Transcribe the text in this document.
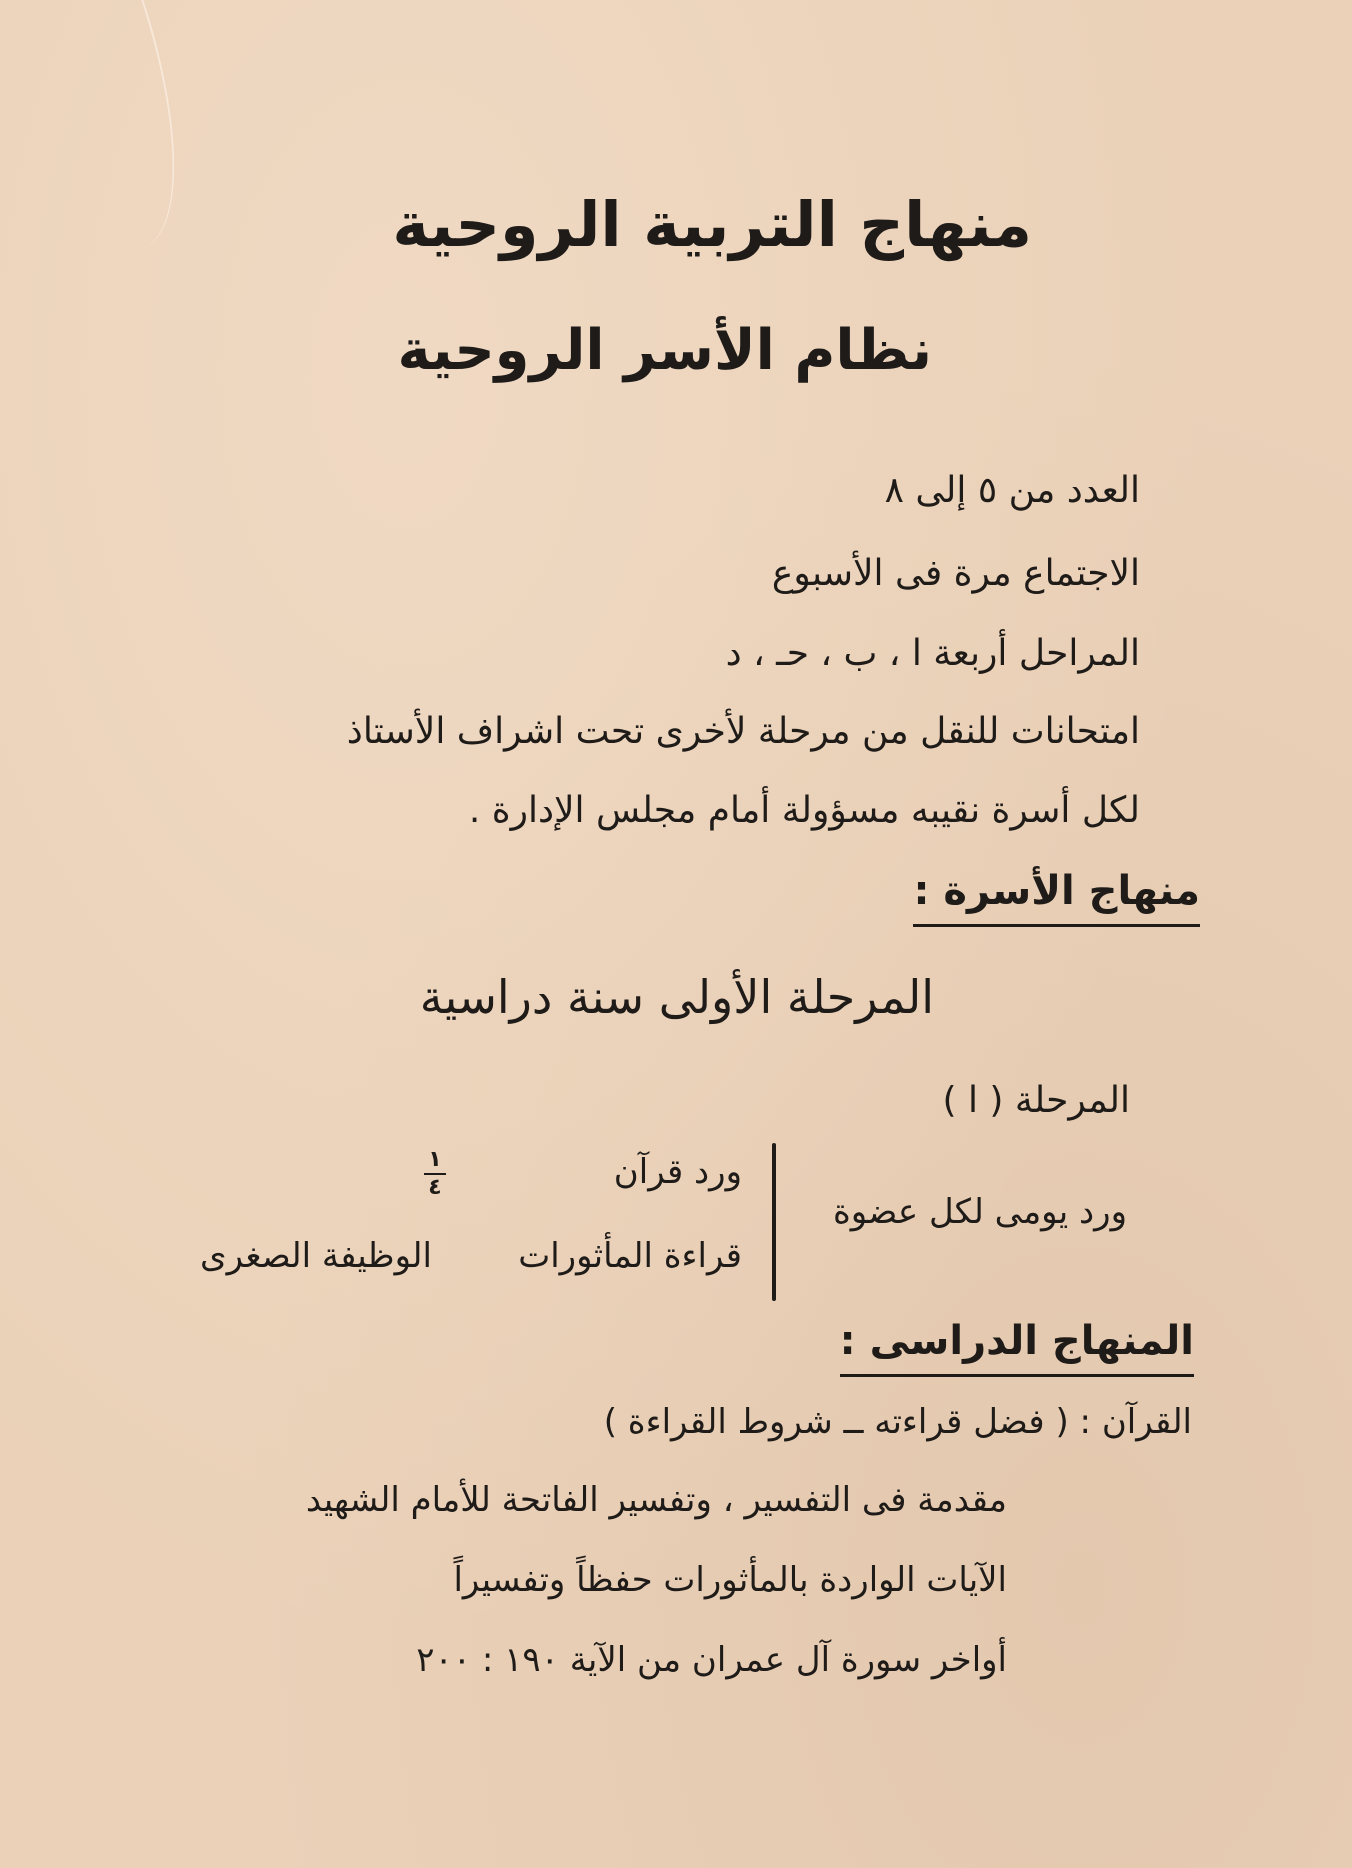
منهاج التربية الروحية
نظام الأسر الروحية
العدد من ٥ إلى ٨
الاجتماع مرة فى الأسبوع
المراحل أربعة ا ، ب ، حـ ، د
امتحانات للنقل من مرحلة لأخرى تحت اشراف الأستاذ
لكل أسرة نقيبه مسؤولة أمام مجلس الإدارة .
منهاج الأسرة :
المرحلة الأولى سنة دراسية
المرحلة ( ا )
ورد يومى لكل عضوة
ورد قرآن
١
٤
قراءة المأثورات
الوظيفة الصغرى
المنهاج الدراسى :
القرآن : ( فضل قراءته ــ شروط القراءة )
مقدمة فى التفسير ، وتفسير الفاتحة للأمام الشهيد
الآيات الواردة بالمأثورات حفظاً وتفسيراً
أواخر سورة آل عمران من الآية ١٩٠ : ٢٠٠
